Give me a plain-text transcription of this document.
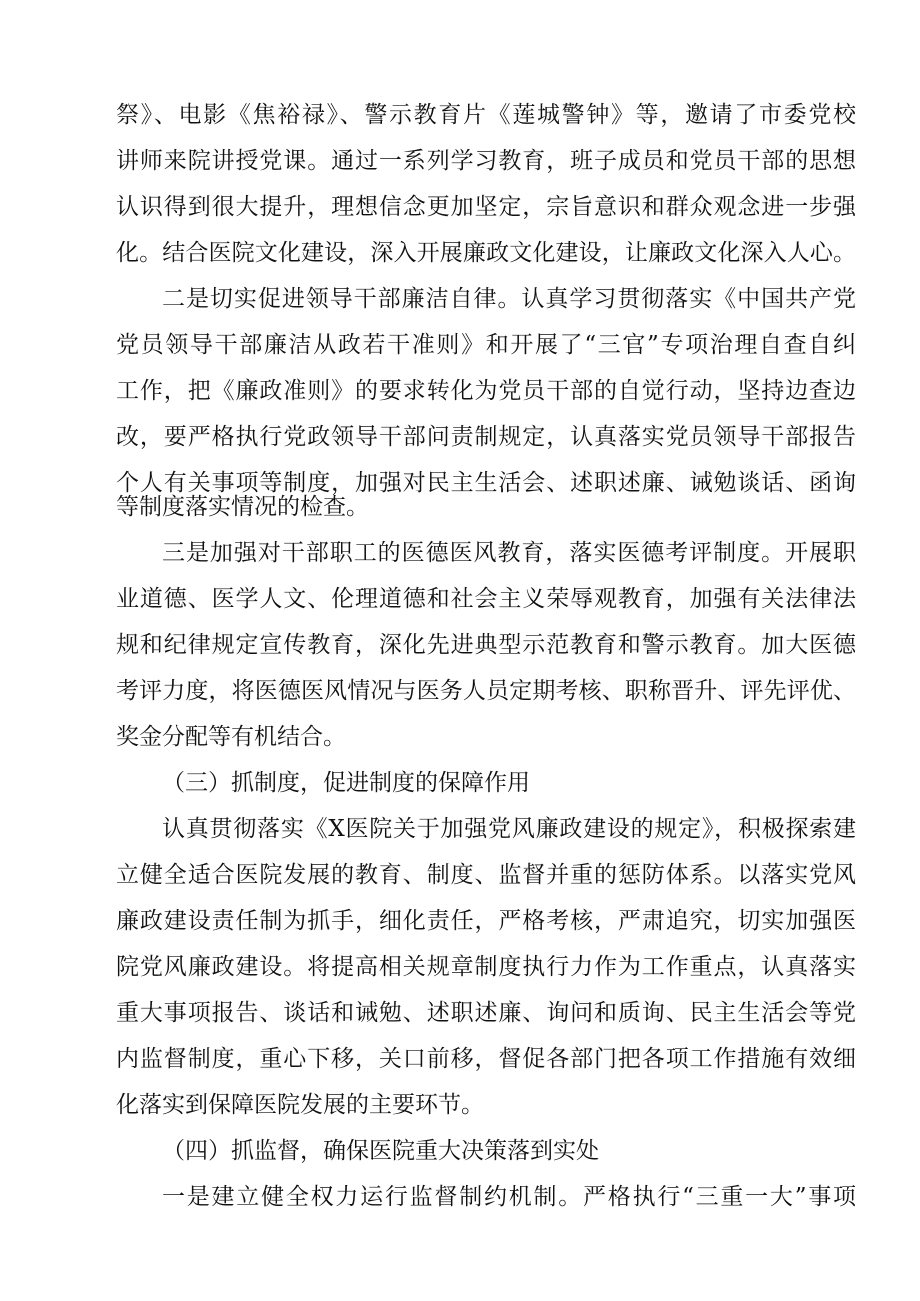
祭》、电影《焦裕禄》、警示教育片《莲城警钟》等，邀请了市委党校
讲师来院讲授党课。通过一系列学习教育，班子成员和党员干部的思想
认识得到很大提升，理想信念更加坚定，宗旨意识和群众观念进一步强
化。结合医院文化建设，深入开展廉政文化建设，让廉政文化深入人心。
二是切实促进领导干部廉洁自律。认真学习贯彻落实《中国共产党
党员领导干部廉洁从政若干准则》和开展了“三官”专项治理自查自纠
工作，把《廉政准则》的要求转化为党员干部的自觉行动，坚持边查边
改，要严格执行党政领导干部问责制规定，认真落实党员领导干部报告
个人有关事项等制度，加强对民主生活会、述职述廉、诫勉谈话、函询
等制度落实情况的检查。
三是加强对干部职工的医德医风教育，落实医德考评制度。开展职
业道德、医学人文、伦理道德和社会主义荣辱观教育，加强有关法律法
规和纪律规定宣传教育，深化先进典型示范教育和警示教育。加大医德
考评力度，将医德医风情况与医务人员定期考核、职称晋升、评先评优、
奖金分配等有机结合。
（三）抓制度，促进制度的保障作用
认真贯彻落实《X医院关于加强党风廉政建设的规定》，积极探索建
立健全适合医院发展的教育、制度、监督并重的惩防体系。以落实党风
廉政建设责任制为抓手，细化责任，严格考核，严肃追究，切实加强医
院党风廉政建设。将提高相关规章制度执行力作为工作重点，认真落实
重大事项报告、谈话和诫勉、述职述廉、询问和质询、民主生活会等党
内监督制度，重心下移，关口前移，督促各部门把各项工作措施有效细
化落实到保障医院发展的主要环节。
（四）抓监督，确保医院重大决策落到实处
一是建立健全权力运行监督制约机制。严格执行“三重一大”事项
